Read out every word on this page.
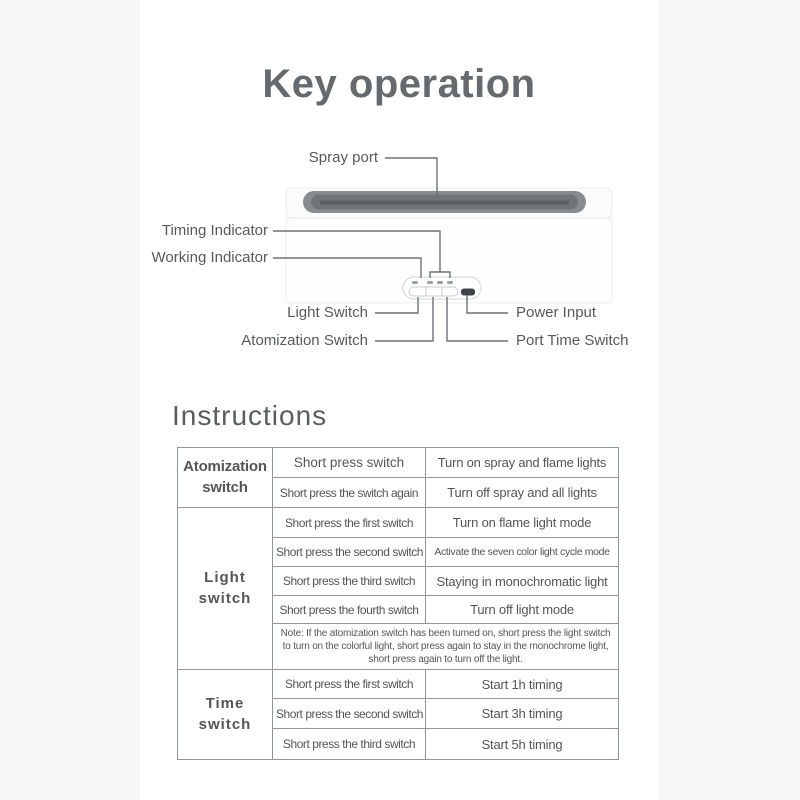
Key operation
Spray port
Timing Indicator
Working Indicator
Light Switch	Power Input
Atomization Switch	Port Time Switch
Instructions
Atomization switch	Short press switch	Turn on spray and flame lights
	Short press the switch again	Turn off spray and all lights
Light switch	Short press the first switch	Turn on flame light mode
	Short press the second switch	Activate the seven color light cycle mode
	Short press the third switch	Staying in monochromatic light
	Short press the fourth switch	Turn off light mode
	Note: If the atomization switch has been turned on, short press the light switch to turn on the colorful light, short press again to stay in the monochrome light, short press again to turn off the light.	
Time switch	Short press the first switch	Start 1h timing
	Short press the second switch	Start 3h timing
	Short press the third switch	Start 5h timing
